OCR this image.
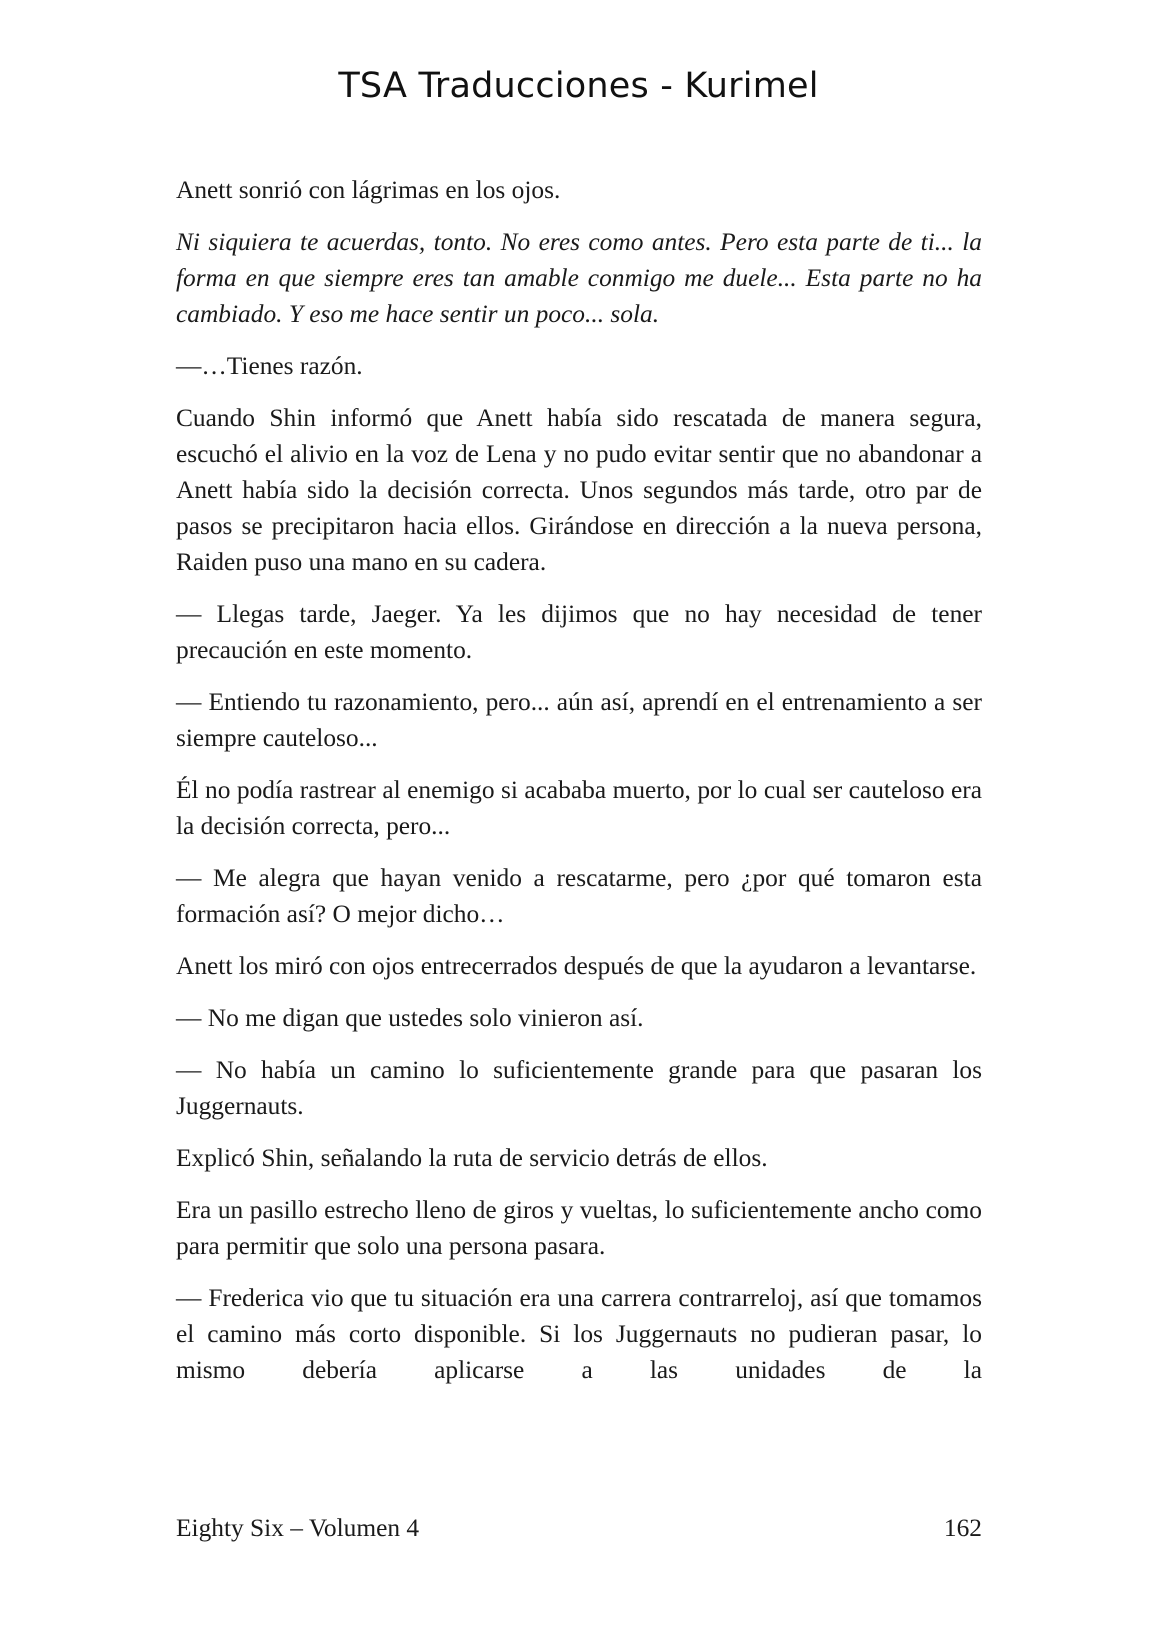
TSA Traducciones - Kurimel

Anett sonrió con lágrimas en los ojos.

Ni siquiera te acuerdas, tonto. No eres como antes. Pero esta parte de ti... la forma en que siempre eres tan amable conmigo me duele... Esta parte no ha cambiado. Y eso me hace sentir un poco... sola.

—…Tienes razón.

Cuando Shin informó que Anett había sido rescatada de manera segura, escuchó el alivio en la voz de Lena y no pudo evitar sentir que no abandonar a Anett había sido la decisión correcta. Unos segundos más tarde, otro par de pasos se precipitaron hacia ellos. Girándose en dirección a la nueva persona, Raiden puso una mano en su cadera.

— Llegas tarde, Jaeger. Ya les dijimos que no hay necesidad de tener precaución en este momento.

— Entiendo tu razonamiento, pero... aún así, aprendí en el entrenamiento a ser siempre cauteloso...

Él no podía rastrear al enemigo si acababa muerto, por lo cual ser cauteloso era la decisión correcta, pero...

— Me alegra que hayan venido a rescatarme, pero ¿por qué tomaron esta formación así? O mejor dicho…

Anett los miró con ojos entrecerrados después de que la ayudaron a levantarse.

— No me digan que ustedes solo vinieron así.

— No había un camino lo suficientemente grande para que pasaran los Juggernauts.

Explicó Shin, señalando la ruta de servicio detrás de ellos.

Era un pasillo estrecho lleno de giros y vueltas, lo suficientemente ancho como para permitir que solo una persona pasara.

— Frederica vio que tu situación era una carrera contrarreloj, así que tomamos el camino más corto disponible. Si los Juggernauts no pudieran pasar, lo mismo debería aplicarse a las unidades de la

Eighty Six – Volumen 4	162
